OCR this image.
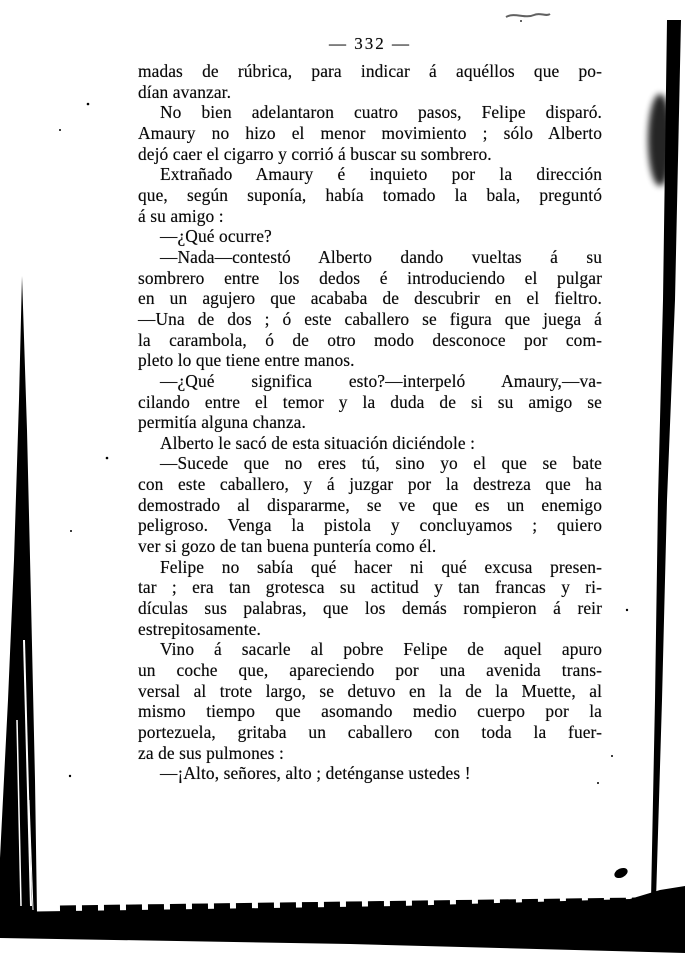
— 332 —
madas de rúbrica, para indicar á aquéllos que po-
dían avanzar.
No bien adelantaron cuatro pasos, Felipe disparó.
Amaury no hizo el menor movimiento ; sólo Alberto
dejó caer el cigarro y corrió á buscar su sombrero.
Extrañado Amaury é inquieto por la dirección
que, según suponía, había tomado la bala, preguntó
á su amigo :
—¿Qué ocurre?
—Nada—contestó Alberto dando vueltas á su
sombrero entre los dedos é introduciendo el pulgar
en un agujero que acababa de descubrir en el fieltro.
—Una de dos ; ó este caballero se figura que juega á
la carambola, ó de otro modo desconoce por com-
pleto lo que tiene entre manos.
—¿Qué significa esto?—interpeló Amaury,—va-
cilando entre el temor y la duda de si su amigo se
permitía alguna chanza.
Alberto le sacó de esta situación diciéndole :
—Sucede que no eres tú, sino yo el que se bate
con este caballero, y á juzgar por la destreza que ha
demostrado al dispararme, se ve que es un enemigo
peligroso. Venga la pistola y concluyamos ; quiero
ver si gozo de tan buena puntería como él.
Felipe no sabía qué hacer ni qué excusa presen-
tar ; era tan grotesca su actitud y tan francas y ri-
dículas sus palabras, que los demás rompieron á reir
estrepitosamente.
Vino á sacarle al pobre Felipe de aquel apuro
un coche que, apareciendo por una avenida trans-
versal al trote largo, se detuvo en la de la Muette, al
mismo tiempo que asomando medio cuerpo por la
portezuela, gritaba un caballero con toda la fuer-
za de sus pulmones :
—¡Alto, señores, alto ; deténganse ustedes !
